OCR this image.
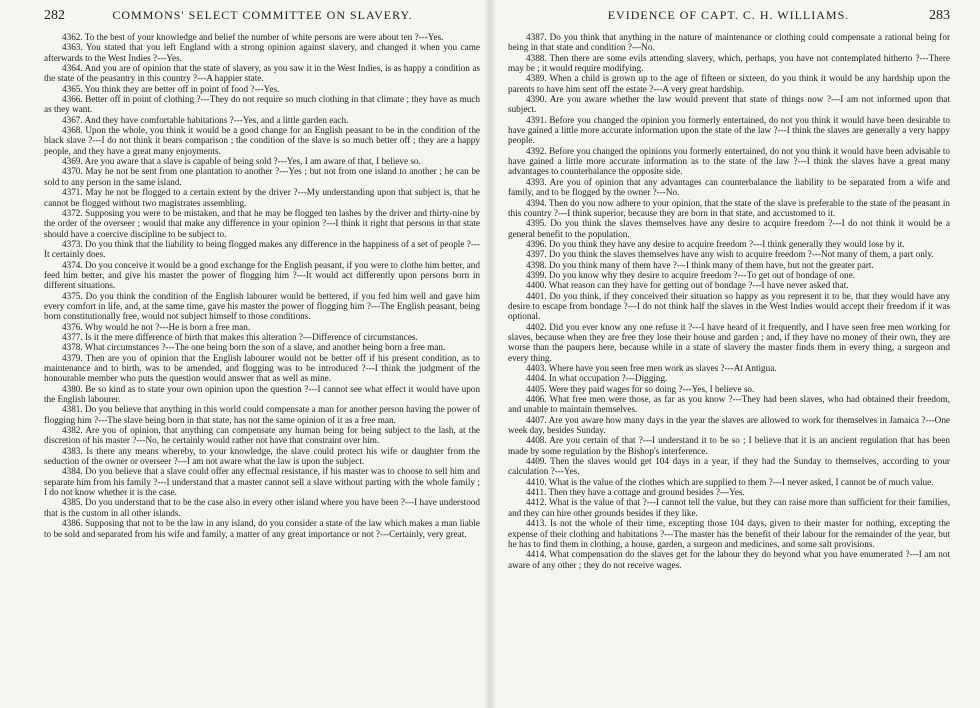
282	COMMONS' SELECT COMMITTEE ON SLAVERY.

4362. To the best of your knowledge and belief the number of white persons are were about ten ?---Yes.

4363. You stated that you left England with a strong opinion against slavery, and changed it when you came afterwards to the West Indies ?---Yes.

4364. And you are of opinion that the state of slavery, as you saw it in the West Indies, is as happy a condition as the state of the peasantry in this country ?---A happier state.

4365. You think they are better off in point of food ?---Yes.

4366. Better off in point of clothing ?---They do not require so much clothing in that climate ; they have as much as they want.

4367. And they have comfortable habitations ?---Yes, and a little garden each.

4368. Upon the whole, you think it would be a good change for an English peasant to be in the condition of the black slave ?---I do not think it bears comparison ; the condition of the slave is so much better off ; they are a happy people, and they have a great many enjoyments.

4369. Are you aware that a slave is capable of being sold ?---Yes, I am aware of that, I believe so.

4370. May he not be sent from one plantation to another ?---Yes ; but not from one island to another ; he can be sold to any person in the same island.

4371. May he not be flogged to a certain extent by the driver ?---My understanding upon that subject is, that he cannot be flogged without two magistrates assembling.

4372. Supposing you were to be mistaken, and that he may be flogged ten lashes by the driver and thirty-nine by the order of the overseer ; would that make any difference in your opinion ?---I think it right that persons in that state should have a coercive discipline to be subject to.

4373. Do you think that the liability to being flogged makes any difference in the happiness of a set of people ?---It certainly does.

4374. Do you conceive it would be a good exchange for the English peasant, if you were to clothe him better, and feed him better, and give his master the power of flogging him ?---It would act differently upon persons born in different situations.

4375. Do you think the condition of the English labourer would be bettered, if you fed him well and gave him every comfort in life, and, at the same time, gave his master the power of flogging him ?---The English peasant, being born constitutionally free, would not subject himself to those conditions.

4376. Why would he not ?---He is born a free man.

4377. Is it the mere difference of birth that makes this alteration ?---Difference of circumstances.

4378. What circumstances ?---The one being born the son of a slave, and another being born a free man.

4379. Then are you of opinion that the English labourer would not be better off if his present condition, as to maintenance and to birth, was to be amended, and flogging was to be introduced ?---I think the judgment of the honourable member who puts the question would answer that as well as mine.

4380. Be so kind as to state your own opinion upon the question ?---I cannot see what effect it would have upon the English labourer.

4381. Do you believe that anything in this world could compensate a man for another person having the power of flogging him ?---The slave being born in that state, has not the same opinion of it as a free man.

4382. Are you of opinion, that anything can compensate any human being for being subject to the lash, at the discretion of his master ?---No, he certainly would rather not have that constraint over him.

4383. Is there any means whereby, to your knowledge, the slave could protect his wife or daughter from the seduction of the owner or overseer ?---I am not aware what the law is upon the subject.

4384. Do you believe that a slave could offer any effectual resistance, if his master was to choose to sell him and separate him from his family ?---I understand that a master cannot sell a slave without parting with the whole family ; I do not know whether it is the case.

4385. Do you understand that to be the case also in every other island where you have been ?---I have understood that is the custom in all other islands.

4386. Supposing that not to be the law in any island, do you consider a state of the law which makes a man liable to be sold and separated from his wife and family, a matter of any great importance or not ?---Certainly, very great.

EVIDENCE OF CAPT. C. H. WILLIAMS.	283

4387. Do you think that anything in the nature of maintenance or clothing could compensate a rational being for being in that state and condition ?---No.

4388. Then there are some evils attending slavery, which, perhaps, you have not contemplated hitherto ?---There may be ; it would require modifying.

4389. When a child is grown up to the age of fifteen or sixteen, do you think it would be any hardship upon the parents to have him sent off the estate ?---A very great hardship.

4390. Are you aware whether the law would prevent that state of things now ?---I am not informed upon that subject.

4391. Before you changed the opinion you formerly entertained, do not you think it would have been desirable to have gained a little more accurate information upon the state of the law ?---I think the slaves are generally a very happy people.

4392. Before you changed the opinions you formerly entertained, do not you think it would have been advisable to have gained a little more accurate information as to the state of the law ?---I think the slaves have a great many advantages to counterbalance the opposite side.

4393. Are you of opinion that any advantages can counterbalance the liability to be separated from a wife and family, and to be flogged by the owner ?---No.

4394. Then do you now adhere to your opinion, that the state of the slave is preferable to the state of the peasant in this country ?---I think superior, because they are born in that state, and accustomed to it.

4395. Do you think the slaves themselves have any desire to acquire freedom ?---I do not think it would be a general benefit to the population.

4396. Do you think they have any desire to acquire freedom ?---I think generally they would lose by it.

4397. Do you think the slaves themselves have any wish to acquire freedom ?---Not many of them, a part only.

4398. Do you think many of them have ?---I think many of them have, but not the greater part.

4399. Do you know why they desire to acquire freedom ?---To get out of bondage of one.

4400. What reason can they have for getting out of bondage ?---I have never asked that.

4401. Do you think, if they conceived their situation so happy as you represent it to be, that they would have any desire to escape from bondage ?---I do not think half the slaves in the West Indies would accept their freedom if it was optional.

4402. Did you ever know any one refuse it ?---I have heard of it frequently, and I have seen free men working for slaves, because when they are free they lose their house and garden ; and, if they have no money of their own, they are worse than the paupers here, because while in a state of slavery the master finds them in every thing, a surgeon and every thing.

4403. Where have you seen free men work as slaves ?---At Antigua.

4404. In what occupation ?---Digging.

4405. Were they paid wages for so doing ?---Yes, I believe so.

4406. What free men were those, as far as you know ?---They had been slaves, who had obtained their freedom, and unable to maintain themselves.

4407. Are you aware how many days in the year the slaves are allowed to work for themselves in Jamaica ?---One week day, besides Sunday.

4408. Are you certain of that ?---I understand it to be so ; I believe that it is an ancient regulation that has been made by some regulation by the Bishop's interference.

4409. Then the slaves would get 104 days in a year, if they had the Sunday to themselves, according to your calculation ?---Yes.

4410. What is the value of the clothes which are supplied to them ?---I never asked, I cannot be of much value.

4411. Then they have a cottage and ground besides ?---Yes.

4412. What is the value of that ?---I cannot tell the value, but they can raise more than sufficient for their families, and they can hire other grounds besides if they like.

4413. Is not the whole of their time, excepting those 104 days, given to their master for nothing, excepting the expense of their clothing and habitations ?---The master has the benefit of their labour for the remainder of the year, but he has to find them in clothing, a house, garden, a surgeon and medicines, and some salt provisions.

4414. What compensation do the slaves get for the labour they do beyond what you have enumerated ?---I am not aware of any other ; they do not receive wages.
